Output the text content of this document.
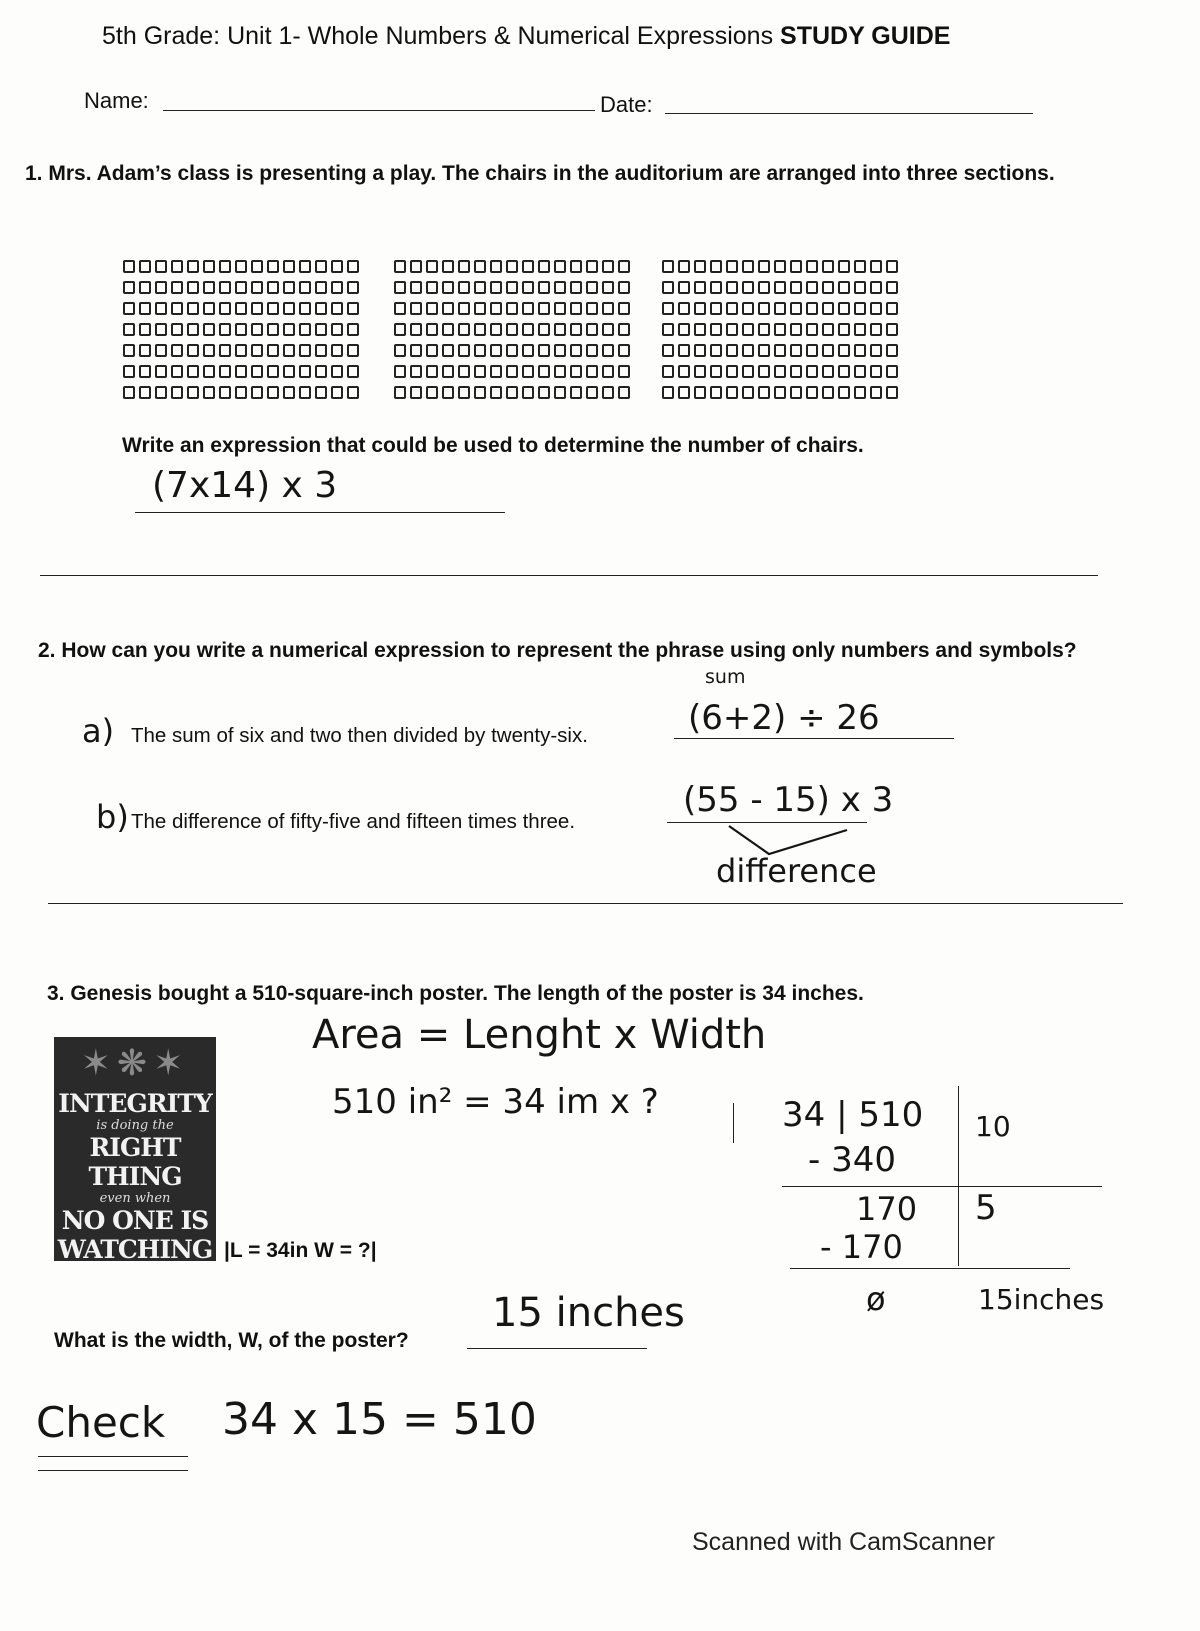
5th Grade: Unit 1- Whole Numbers & Numerical Expressions STUDY GUIDE
Name:	Date:
1. Mrs. Adam’s class is presenting a play. The chairs in the auditorium are arranged into three sections.
Write an expression that could be used to determine the number of chairs.
(7x14) x 3
2. How can you write a numerical expression to represent the phrase using only numbers and symbols?
sum
a) The sum of six and two then divided by twenty-six.	(6+2) ÷ 26
b) The difference of fifty-five and fifteen times three.
(55 - 15) x 3
difference
3. Genesis bought a 510-square-inch poster. The length of the poster is 34 inches.
✶❋✶
INTEGRITY
is doing the
RIGHT THING
even when
NO ONE IS
WATCHING |L = 34in W = ?|
Area = Lenght x Width
510 in² = 34 im x ?	34 | 510 10
- 340
170 5
- 170
ø	15inches
What is the width, W, of the poster?
15 inches
Check 34 x 15 = 510
Scanned with CamScanner
